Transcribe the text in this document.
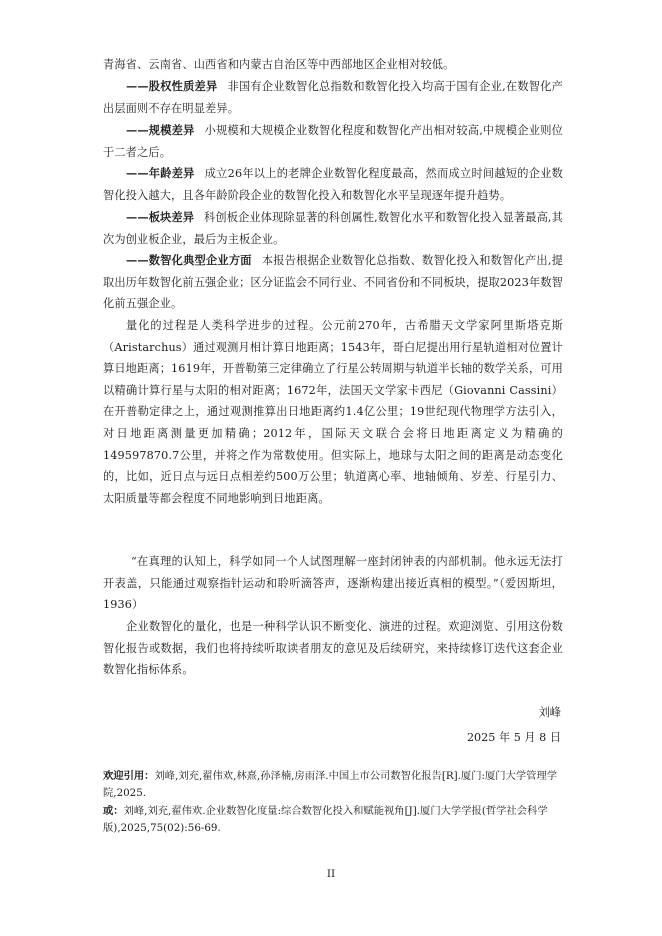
青海省、云南省、山西省和内蒙古自治区等中西部地区企业相对较低。

——股权性质差异 非国有企业数智化总指数和数智化投入均高于国有企业,在数智化产出层面则不存在明显差异。

——规模差异 小规模和大规模企业数智化程度和数智化产出相对较高,中规模企业则位于二者之后。

——年龄差异 成立26年以上的老牌企业数智化程度最高，然而成立时间越短的企业数智化投入越大，且各年龄阶段企业的数智化投入和数智化水平呈现逐年提升趋势。

——板块差异 科创板企业体现除显著的科创属性,数智化水平和数智化投入显著最高,其次为创业板企业，最后为主板企业。

——数智化典型企业方面 本报告根据企业数智化总指数、数智化投入和数智化产出,提取出历年数智化前五强企业；区分证监会不同行业、不同省份和不同板块，提取2023年数智化前五强企业。

量化的过程是人类科学进步的过程。公元前270年，古希腊天文学家阿里斯塔克斯（Aristarchus）通过观测月相计算日地距离；1543年，哥白尼提出用行星轨道相对位置计算日地距离；1619年，开普勒第三定律确立了行星公转周期与轨道半长轴的数学关系，可用以精确计算行星与太阳的相对距离；1672年，法国天文学家卡西尼（Giovanni Cassini）在开普勒定律之上，通过观测推算出日地距离约1.4亿公里；19世纪现代物理学方法引入，对日地距离测量更加精确；2012年，国际天文联合会将日地距离定义为精确的149597870.7公里，并将之作为常数使用。但实际上，地球与太阳之间的距离是动态变化的，比如，近日点与远日点相差约500万公里；轨道离心率、地轴倾角、岁差、行星引力、太阳质量等都会程度不同地影响到日地距离。

“在真理的认知上，科学如同一个人试图理解一座封闭钟表的内部机制。他永远无法打开表盖，只能通过观察指针运动和聆听滴答声，逐渐构建出接近真相的模型。”（爱因斯坦，1936）

企业数智化的量化，也是一种科学认识不断变化、演进的过程。欢迎浏览、引用这份数智化报告或数据，我们也将持续听取读者朋友的意见及后续研究，来持续修订迭代这套企业数智化指标体系。

刘峰
2025 年 5 月 8 日

欢迎引用：刘峰,刘充,翟伟欢,林熹,孙泽楠,房雨泽.中国上市公司数智化报告[R].厦门:厦门大学管理学院,2025.

或：刘峰,刘充,翟伟欢.企业数智化度量:综合数智化投入和赋能视角[J].厦门大学学报(哲学社会科学版),2025,75(02):56-69.

II
